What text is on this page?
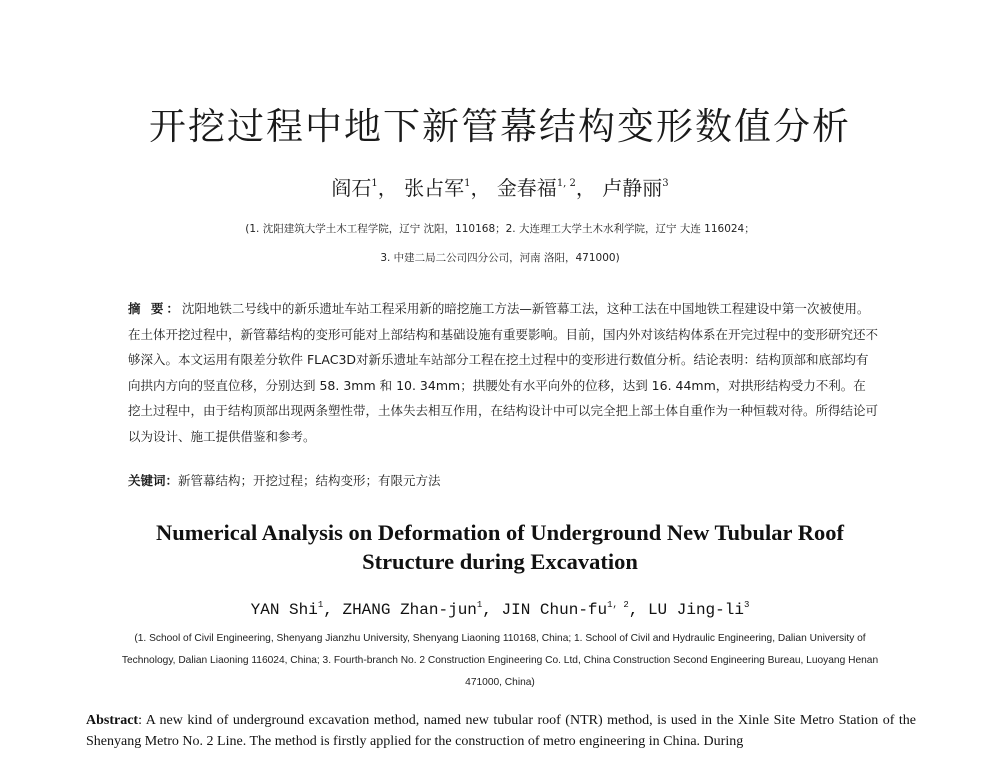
开挖过程中地下新管幕结构变形数值分析
阎石$^1$， 张占军$^1$， 金春福$^{1, 2}$， 卢静丽$^3$
(1. 沈阳建筑大学土木工程学院，辽宁 沈阳，110168；2. 大连理工大学土木水利学院，辽宁 大连 116024；
3. 中建二局二公司四分公司，河南 洛阳，471000)
摘 要：沈阳地铁二号线中的新乐遗址车站工程采用新的暗挖施工方法—新管幕工法，这种工法在中国地铁工程建设中第一次被使用。在土体开挖过程中，新管幕结构的变形可能对上部结构和基础设施有重要影响。目前，国内外对该结构体系在开完过程中的变形研究还不够深入。本文运用有限差分软件 FLAC3D对新乐遗址车站部分工程在挖土过程中的变形进行数值分析。结论表明：结构顶部和底部均有向拱内方向的竖直位移，分别达到 58. 3mm 和 10. 34mm；拱腰处有水平向外的位移，达到 16. 44mm，对拱形结构受力不利。在挖土过程中，由于结构顶部出现两条塑性带，土体失去相互作用，在结构设计中可以完全把上部土体自重作为一种恒载对待。所得结论可以为设计、施工提供借鉴和参考。
关键词：新管幕结构；开挖过程；结构变形；有限元方法
Numerical Analysis on Deformation of Underground New Tubular Roof
Structure during Excavation
YAN Shi$^1$, ZHANG Zhan-jun$^1$, JIN Chun-fu$^{1, 2}$, LU Jing-$li^3$
(1. School of Civil Engineering, Shenyang Jianzhu University, Shenyang Liaoning 110168, China; 1. School of Civil and Hydraulic Engineering, Dalian University of Technology, Dalian Liaoning 116024, China; 3. Fourth-branch No. 2 Construction Engineering Co. Ltd, China Construction Second Engineering Bureau, Luoyang Henan 471000, China)
Abstract: A new kind of underground excavation method, named new tubular roof (NTR) method, is used in the Xinle Site Metro Station of the Shenyang Metro No. 2 Line. The method is firstly applied for the construction of metro engineering in China. During
